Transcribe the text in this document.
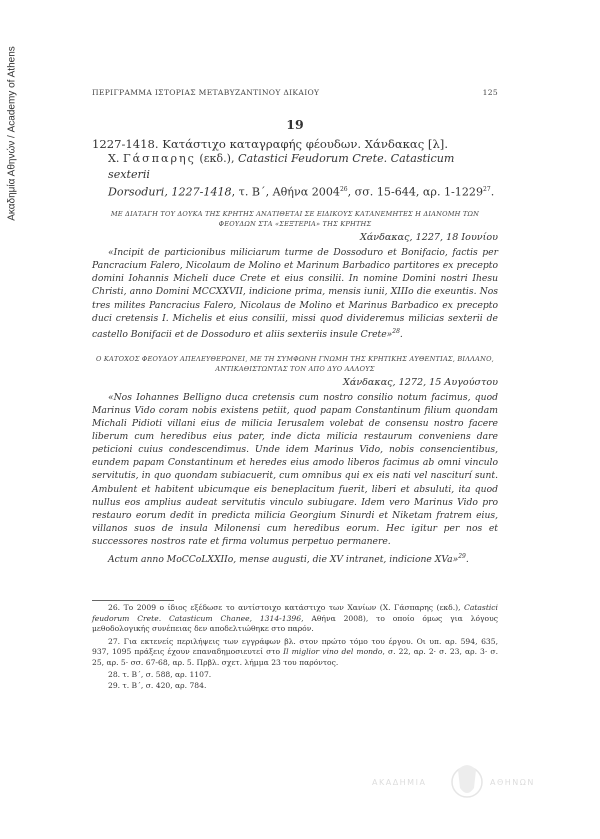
Ακαδημία Αθηνών / Academy of Athens	ΠΕΡΙΓΡΑΜΜΑ ΙΣΤΟΡΙΑΣ ΜΕΤΑΒΥΖΑΝΤΙΝΟΥ ΔΙΚΑΙΟΥ	125
19
1227-1418. Κατάστιχο καταγραφής φέουδων. Χάνδακας [λ].
Χ. Γάσπαρης (εκδ.), Catastici Feudorum Crete. Catasticum sexterii
Dorsoduri, 1227-1418, τ. B΄, Αθήνα 2004$^{26}$, σσ. 15-644, αρ. 1-1229$^{27}$.
ΜΕ ΔΙΑΤΑΓΗ ΤΟΥ ΔΟΥΚΑ ΤΗΣ ΚΡΗΤΗΣ ΑΝΑΤΙΘΕΤΑΙ ΣΕ ΕΙΔΙΚΟΥΣ ΚΑΤΑΝΕΜΗΤΕΣ Η ΔΙΑΝΟΜΗ ΤΩΝ ΦΕΟΥΔΩΝ ΣΤΑ «ΣΕΞΤΕΡΙΑ» ΤΗΣ ΚΡΗΤΗΣ
Χάνδακας, 1227, 18 Ιουνίου
«Incipit de particionibus miliciarum turme de Dossoduro et Bonifacio, factis per Pancracium Falero, Nicolaum de Molino et Marinum Barbadico partitores ex precepto domini Iohannis Micheli duce Crete et eius consilii. In nomine Domini nostri Ihesu Christi, anno Domini MCCXXVII, indicione prima, mensis iunii, XIIIo die exeuntis. Nos tres milites Pancracius Falero, Nicolaus de Molino et Marinus Barbadico ex precepto duci cretensis I. Michelis et eius consilii, missi quod divideremus milicias sexterii de castello Bonifacii et de Dossoduro et aliis sexteriis insule Crete»$^{28}$.
Ο ΚΑΤΟΧΟΣ ΦΕΟΥΔΟΥ ΑΠΕΛΕΥΘΕΡΩΝΕΙ, ΜΕ ΤΗ ΣΥΜΦΩΝΗ ΓΝΩΜΗ ΤΗΣ ΚΡΗΤΙΚΗΣ ΑΥΘΕΝΤΙΑΣ, ΒΙΛΛΑΝΟ, ΑΝΤΙΚΑΘΙΣΤΩΝΤΑΣ ΤΟΝ ΑΠΟ ΔΥΟ ΑΛΛΟΥΣ
Χάνδακας, 1272, 15 Αυγούστου
«Nos Iohannes Belligno duca cretensis cum nostro consilio notum facimus, quod Marinus Vido coram nobis existens petiit, quod papam Constantinum filium quondam Michali Pidioti villani eius de milicia Ierusalem volebat de consensu nostro facere liberum cum heredibus eius pater, inde dicta milicia restaurum conveniens dare peticioni cuius condescendimus. Unde idem Marinus Vido, nobis consencientibus, eundem papam Constantinum et heredes eius amodo liberos facimus ab omni vinculo servitutis, in quo quondam subiacuerit, cum omnibus qui ex eis nati vel nasciturí sunt. Ambulent et habitent ubicumque eis beneplacitum fuerit, liberi et absuluti, ita quod nullus eos amplius audeat servitutis vinculo subiugare. Idem vero Marinus Vido pro restauro eorum dedit in predicta milicia Georgium Sinurdi et Niketam fratrem eius, villanos suos de insula Milonensi cum heredibus eorum. Hec igitur per nos et successores nostros rate et firma volumus perpetuo permanere.
Actum anno MoCCoLXXIIo, mense augusti, die XV intranet, indicione XVa»$^{29}$.
26. Το 2009 ο ίδιος εξέδωσε το αντίστοιχο κατάστιχο των Χανίων (Χ. Γάσπαρης (εκδ.), Catastici feudorum Crete. Catasticum Chanee, 1314-1396, Αθήνα 2008), το οποίο όμως για λόγους μεθοδολογικής συνέπειας δεν αποδελτιώθηκε στο παρόν.
27. Για εκτενείς περιλήψεις των εγγράφων βλ. στον πρώτο τόμο του έργου. Οι υπ. αρ. 594, 635, 937, 1095 πράξεις έχουν επαναδημοσιευτεί στο Il miglior vino del mondo, σ. 22, αρ. 2· σ. 23, αρ. 3· σ. 25, αρ. 5· σσ. 67-68, αρ. 5. Πρβλ. σχετ. λήμμα 23 του παρόντος.
28. τ. B΄, σ. 588, αρ. 1107.
29. τ. B΄, σ. 420, αρ. 784.
ΑΚΑΔΗΜΙΑ	ΑΘΗΝΩΝ
